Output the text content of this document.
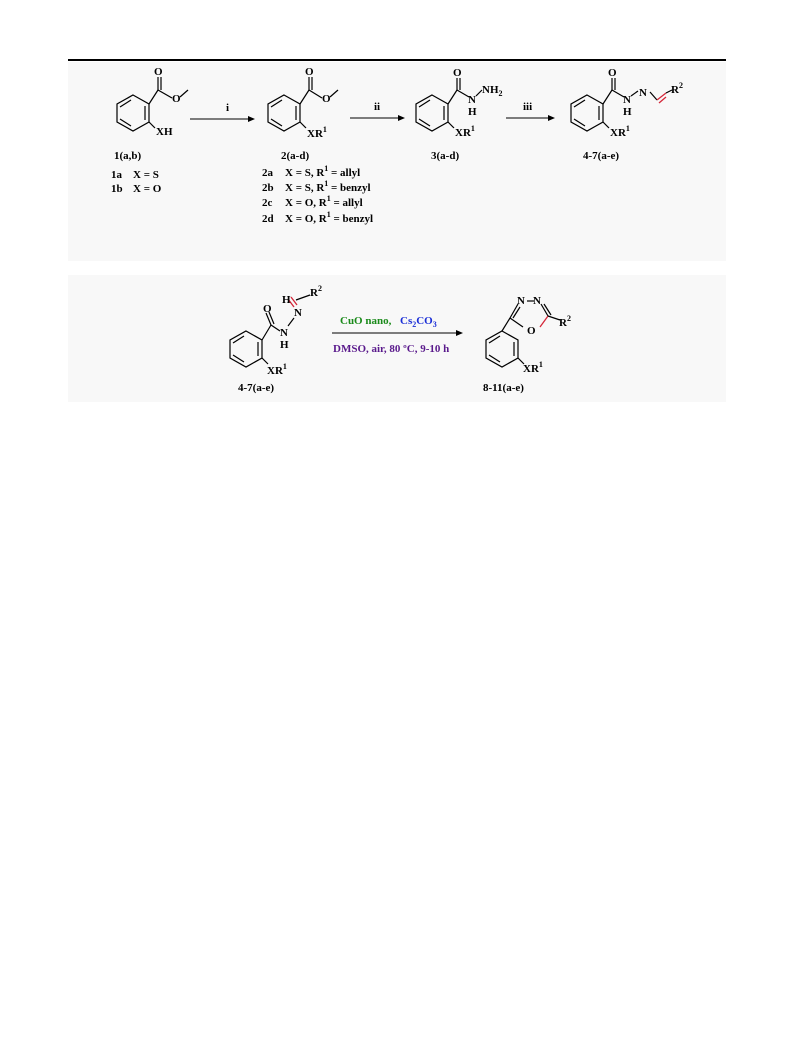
O
O
XH
1(a,b)
1a X = S
1b X = O
i
O
O
$XR^1$
2(a-d)
2a X = S, $R^1$ = allyl
2b X = S, $R^1$ = benzyl
2c X = O, $R^1$ = allyl
2d X = O, $R^1$ = benzyl
ii
O
N
H
$NH_2$
$XR^1$
3(a-d)
iii
O
N
H
N $R^2$
$XR^1$
4-7(a-e)
O
N
H
N
H
$R^2$
$XR^1$
4-7(a-e)
CuO nano, $Cs_2CO_3$
DMSO, air, 80 ºC, 9-10 h
N N
O
$R^2$
$XR^1$
8-11(a-e)
